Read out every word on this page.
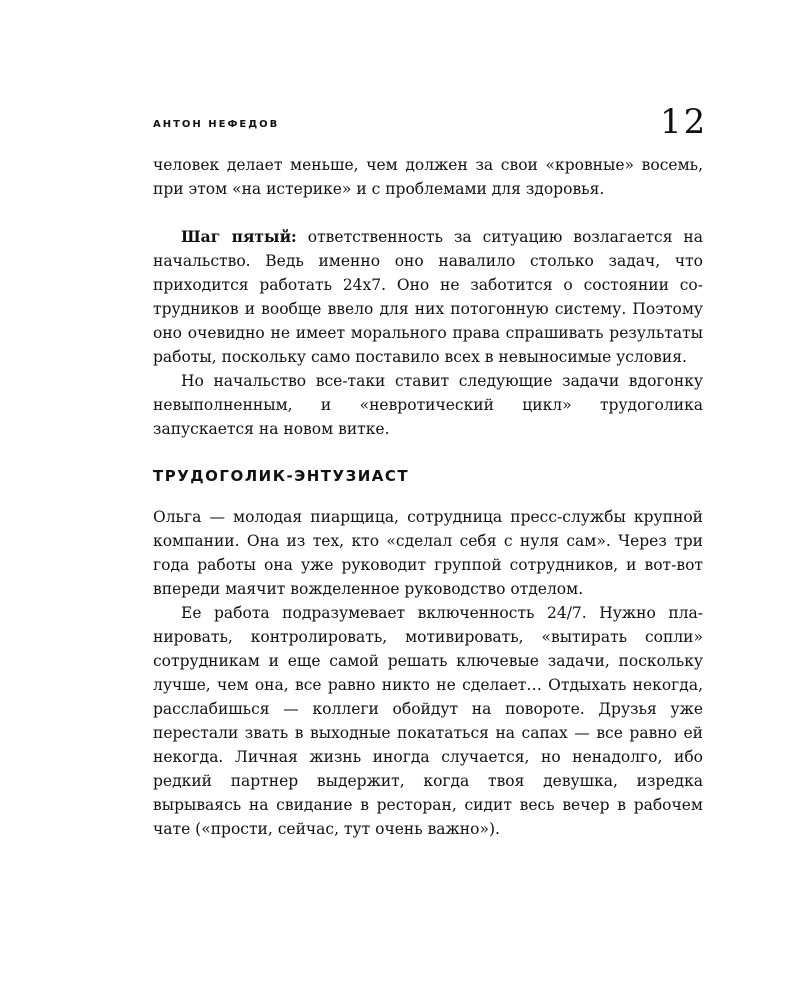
АНТОН НЕФЕДОВ	12

человек делает меньше, чем должен за свои «кровные» восемь, при этом «на истерике» и с проблемами для здоровья.

Шаг пятый: ответственность за ситуацию возлагается на начальство. Ведь именно оно навалило столько задач, что приходится работать 24х7. Оно не заботится о состоянии сотрудников и вообще ввело для них потогонную систему. Поэтому оно очевидно не имеет морального права спрашивать результаты работы, поскольку само поставило всех в невыносимые условия.

Но начальство все-таки ставит следующие задачи вдогонку невыполненным, и «невротический цикл» трудоголика запускается на новом витке.

ТРУДОГОЛИК-ЭНТУЗИАСТ

Ольга — молодая пиарщица, сотрудница пресс-службы крупной компании. Она из тех, кто «сделал себя с нуля сам». Через три года работы она уже руководит группой сотрудников, и вот-вот впереди маячит вожделенное руководство отделом.

Ее работа подразумевает включенность 24/7. Нужно планировать, контролировать, мотивировать, «вытирать сопли» сотрудникам и еще самой решать ключевые задачи, поскольку лучше, чем она, все равно никто не сделает… Отдыхать некогда, расслабишься — коллеги обойдут на повороте. Друзья уже перестали звать в выходные покататься на сапах — все равно ей некогда. Личная жизнь иногда случается, но ненадолго, ибо редкий партнер выдержит, когда твоя девушка, изредка вырываясь на свидание в ресторан, сидит весь вечер в рабочем чате («прости, сейчас, тут очень важно»).
